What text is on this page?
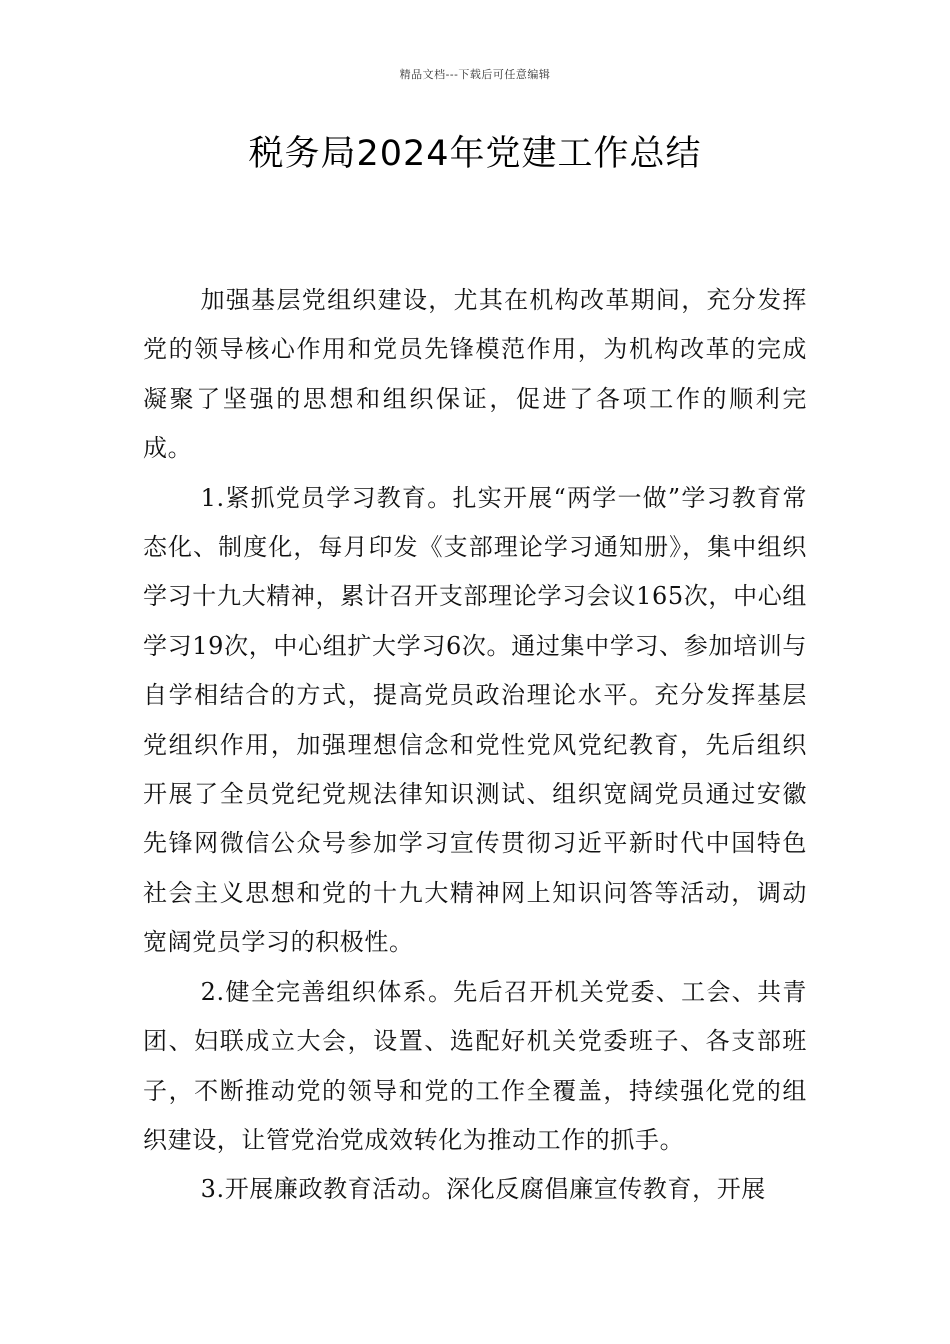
精品文档---下载后可任意编辑
税务局2024年党建工作总结

加强基层党组织建设，尤其在机构改革期间，充分发挥党的领导核心作用和党员先锋模范作用，为机构改革的完成凝聚了坚强的思想和组织保证，促进了各项工作的顺利完成。

1.紧抓党员学习教育。扎实开展“两学一做”学习教育常态化、制度化，每月印发《支部理论学习通知册》，集中组织学习十九大精神，累计召开支部理论学习会议165次，中心组学习19次，中心组扩大学习6次。通过集中学习、参加培训与自学相结合的方式，提高党员政治理论水平。充分发挥基层党组织作用，加强理想信念和党性党风党纪教育，先后组织开展了全员党纪党规法律知识测试、组织宽阔党员通过安徽先锋网微信公众号参加学习宣传贯彻习近平新时代中国特色社会主义思想和党的十九大精神网上知识问答等活动，调动宽阔党员学习的积极性。

2.健全完善组织体系。先后召开机关党委、工会、共青团、妇联成立大会，设置、选配好机关党委班子、各支部班子，不断推动党的领导和党的工作全覆盖，持续强化党的组织建设，让管党治党成效转化为推动工作的抓手。

3.开展廉政教育活动。深化反腐倡廉宣传教育，开展
